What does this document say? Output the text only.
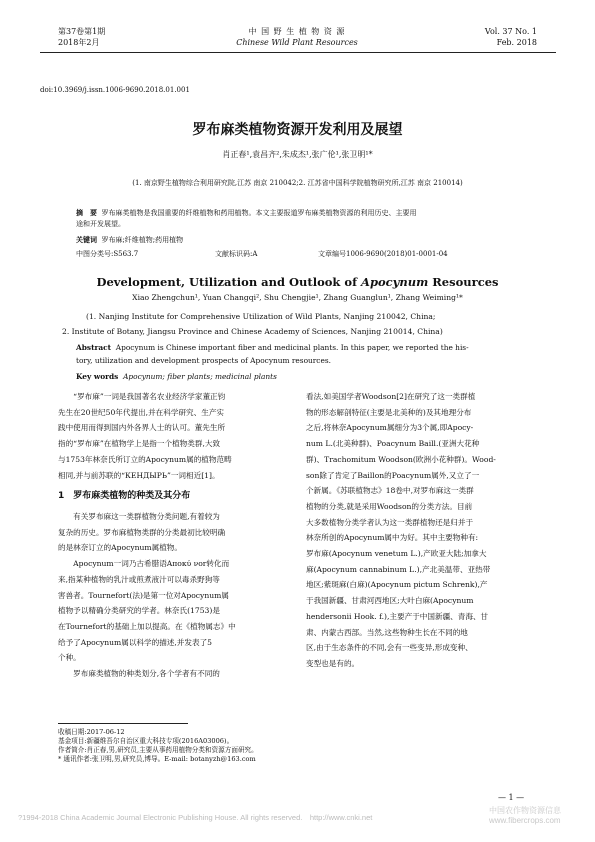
第37卷第1期
2018年2月
中 国 野 生 植 物 资 源
Chinese Wild Plant Resources
Vol. 37 No. 1
Feb. 2018
doi:10.3969/j.issn.1006-9690.2018.01.001
罗布麻类植物资源开发利用及展望
肖正春¹,袁昌齐²,朱成杰¹,张广伦¹,张卫明¹*
(1. 南京野生植物综合利用研究院,江苏 南京 210042;2. 江苏省中国科学院植物研究所,江苏 南京 210014)
摘　要 罗布麻类植物是我国重要的纤维植物和药用植物。本文主要报道罗布麻类植物资源的利用历史、主要用
途和开发展望。
关键词 罗布麻;纤维植物;药用植物
中图分类号:S563.7	文献标识码:A	文章编号1006-9690(2018)01-0001-04
Development, Utilization and Outlook of Apocynum Resources
Xiao Zhengchun¹, Yuan Changqi², Shu Chengjie¹, Zhang Guanglun¹, Zhang Weiming¹*
(1. Nanjing Institute for Comprehensive Utilization of Wild Plants, Nanjing 210042, China;
2. Institute of Botany, Jiangsu Province and Chinese Academy of Sciences, Nanjing 210014, China)
Abstract Apocynum is Chinese important fiber and medicinal plants. In this paper, we reported the his-
tory, utilization and development prospects of Apocynum resources.
Key words Apocynum; fiber plants; medicinal plants
　　“罗布麻”一词是我国著名农业经济学家董正钧
先生在20世纪50年代提出,并在科学研究、生产实
践中使用而得到国内外各界人士的认可。董先生所
指的“罗布麻”在植物学上是指一个植物类群,大致
与1753年林奈氏所订立的Apocynum属的植物范畴
相同,并与前苏联的“КЕНДЫРЬ”一词相近[1]。
1　罗布麻类植物的种类及其分布
　　有关罗布麻这一类群植物分类问题,有着较为
复杂的历史。罗布麻植物类群的分类最初比较明确
的是林奈订立的Apocynum属植物。
　　Apocynum一词乃古希腊语Απoκύ νor转化而
来,指某种植物的乳汁或煎煮液汁可以毒杀野狗等
害兽者。Tournefort(法)是第一位对Apocynum属
植物予以精确分类研究的学者。林奈氏(1753)是
在Tournefort的基础上加以提高。在《植物属志》中
给予了Apocynum属以科学的描述,并发表了5
个种。
　　罗布麻类植物的种类划分,各个学者有不同的
看法,如美国学者Woodson[2]在研究了这一类群植
物的形态解剖特征(主要是北美种的)及其地理分布
之后,将林奈Apocynum属细分为3个属,即Apocy-
num L.(北美种群)、Poacynum Baill.(亚洲大花种
群)、Trachomitum Woodson(欧洲小花种群)。Wood-
son除了肯定了Baillon的Poacynum属外,又立了一
个新属。《苏联植物志》18卷中,对罗布麻这一类群
植物的分类,就是采用Woodson的分类方法。目前
大多数植物分类学者认为这一类群植物还是归并于
林奈所创的Apocynum属中为好。其中主要物种有:
罗布麻(Apocynum venetum L.),产欧亚大陆;加拿大
麻(Apocynum cannabinum L.),产北美温带、亚热带
地区;紫斑麻(白麻)(Apocynum pictum Schrenk),产
于我国新疆、甘肃河西地区;大叶白麻(Apocynum
hendersonii Hook. f.),主要产于中国新疆、青海、甘
肃、内蒙古西部。当然,这些物种生长在不同的地
区,由于生态条件的不同,会有一些变异,形成变种、
变型也是有的。
收稿日期:2017-06-12
基金项目:新疆维吾尔自治区重大科技专项(2016A03006)。
作者简介:肖正春,男,研究员,主要从事药用植物分类和资源方面研究。
* 通讯作者:张卫明,男,研究员,博导。E-mail: botanyzh@163.com
— 1 —
?1994-2018 China Academic Journal Electronic Publishing House. All rights reserved.　http://www.cnki.net
中国农作物资源信息
www.fibercrops.com
